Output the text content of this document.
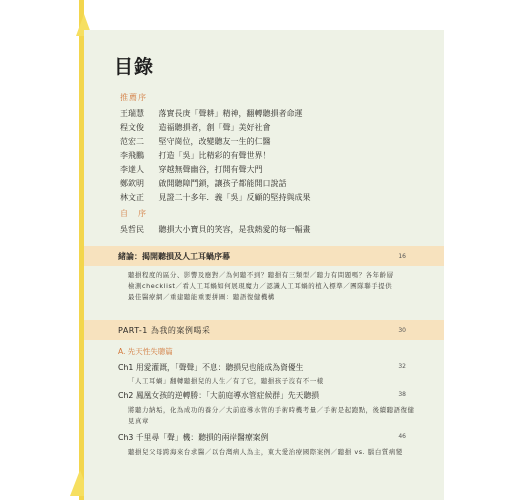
目錄
推薦序
王瑞慧 落實長庚「聲耕」精神，翻轉聽損者命運
程文俊 造福聽損者，創「聲」美好社會
范宏二 堅守崗位，改變聽友一生的仁醫
李飛鵬 打造「吳」比精彩的有聲世界！
李達人 穿越無聲幽谷，打開有聲大門
鄭欽明 啟開聽障鬥鎖，讓孩子都能開口說話
林文正 見證二十多年．義「吳」反顧的堅持與成果
自　序
吳哲民 聽損大小寶貝的笑容，是我熱愛的每一幅畫
緒論：揭開聽損及人工耳蝸序幕	16
聽損程度的區分、影響及應對／為何聽不到？聽損有三類型／聽力有問題嗎？各年齡層檢測checklist／看人工耳蝸如何展現魔力／認識人工耳蝸的植入標準／團隊聯手提供最佳醫療網／重建聽能重要拼圖：聽語復健機構
PART-1 為我的案例喝采	30
A. 先天性失聰篇
Ch1 用愛灌溉，「聲聲」不息：聽損兒也能成為資優生	32
「人工耳蝸」翻轉聽損兒的人生／有了它，聽損孩子沒有不一樣
Ch2 鳳凰女孩的逆轉勝：「大前庭導水管症候群」先天聽損	38
將聽力納垢，化為成功的養分／大前庭導水管的手術時機考量／手術是起跑點，後續聽語復健見真章
Ch3 千里尋「聲」機：聽損的兩岸醫療案例	46
聽損兒父母跨海來台求醫／以台灣病人為主，東大愛治療國際案例／聽損 vs. 腦白質病變
